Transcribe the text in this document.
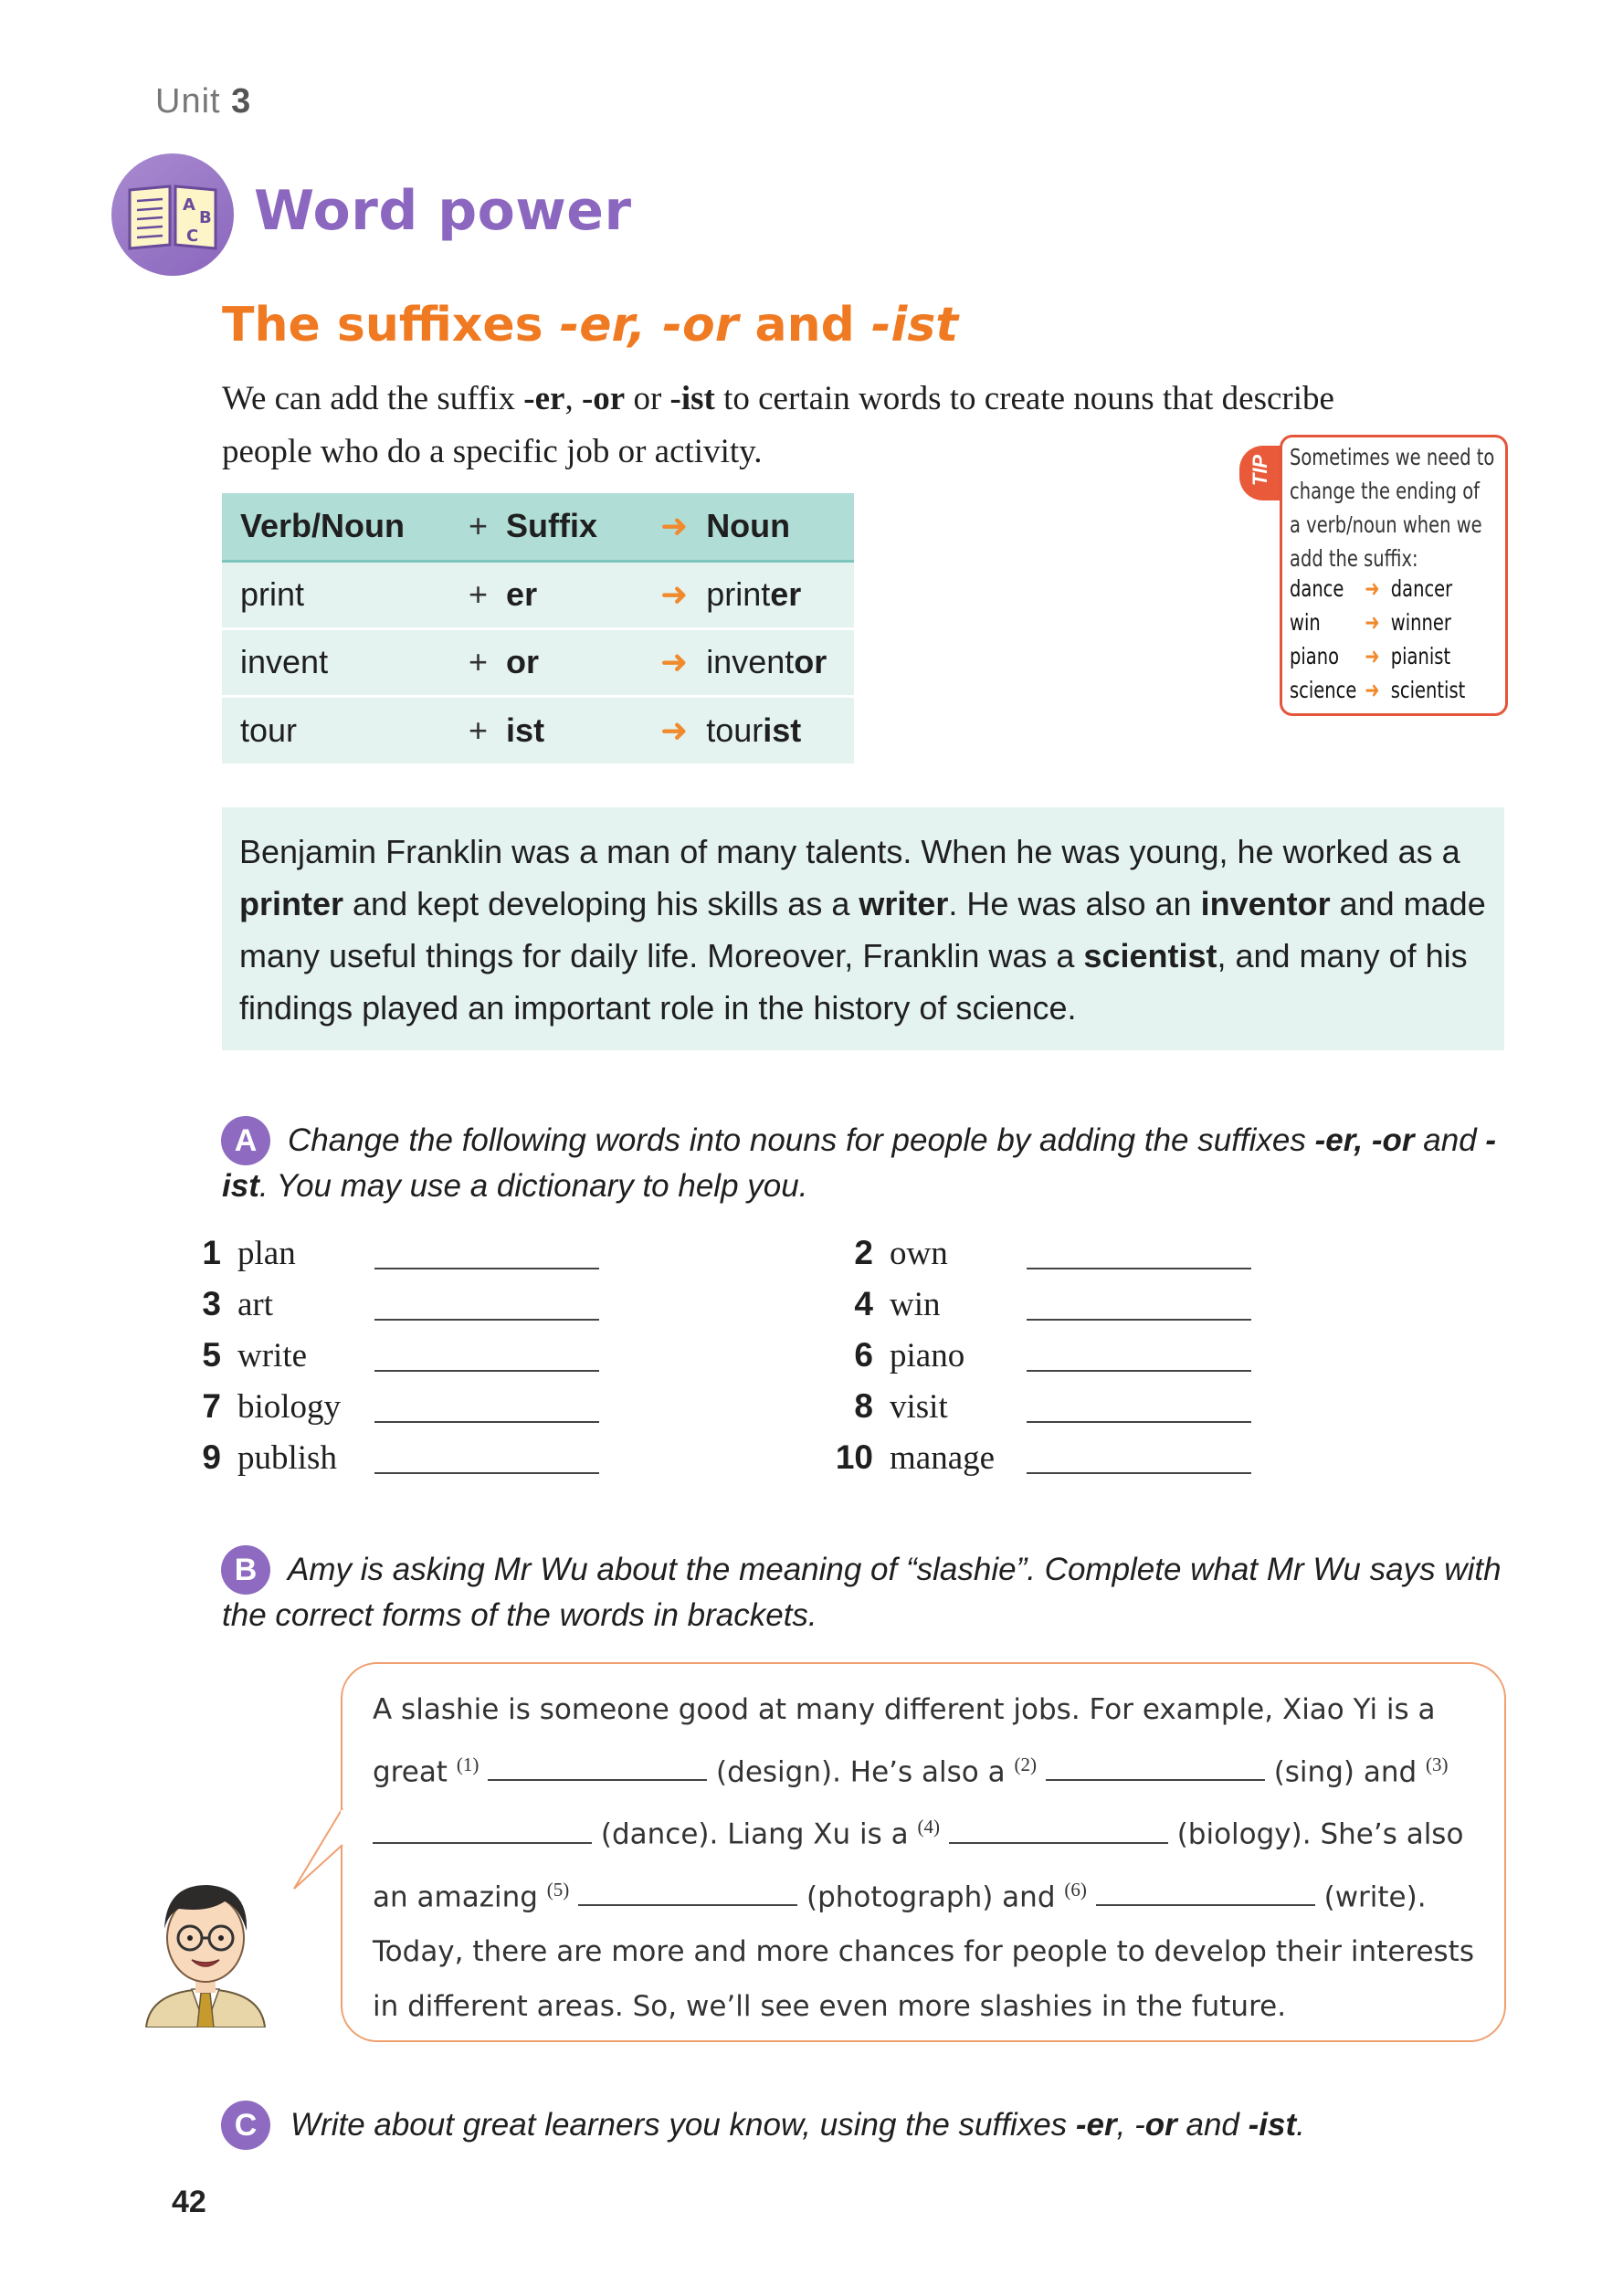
Unit 3
A
B
C Word power
The suffixes -er, -or and -ist
We can add the suffix -er, -or or -ist to certain words to create nouns that describe people who do a specific job or activity.
Verb/Noun	+ Suffix	➜ Noun
print	+ er	➜ printer
invent	+ or	➜ inventor
tour	+ ist	➜ tourist
TIP Sometimes we need to
change the ending of
a verb/noun when we
add the suffix:
dance ➜ dancer
win ➜ winner
piano ➜ pianist
science ➜ scientist
Benjamin Franklin was a man of many talents. When he was young, he worked as a printer and kept developing his skills as a writer. He was also an inventor and made many useful things for daily life. Moreover, Franklin was a scientist, and many of his findings played an important role in the history of science.
A Change the following words into nouns for people by adding the suffixes -er, -or and -ist. You may use a dictionary to help you.
1 plan
3 art
5 write
7 biology
9 publish
2 own
4 win
6 piano
8 visit
10 manage
B Amy is asking Mr Wu about the meaning of “slashie”. Complete what Mr Wu says with the correct forms of the words in brackets.
A slashie is someone good at many different jobs. For example, Xiao Yi is a great $^{(1)}$	(design). He’s also a $^{(2)}$	(sing) and $^{(3)}$  (dance). Liang Xu is a $^{(4)}$	(biology). She’s also an amazing $^{(5)}$	(photograph) and $^{(6)}$	(write). Today, there are more and more chances for people to develop their interests in different areas. So, we’ll see even more slashies in the future.
C	Write about great learners you know, using the suffixes -er, -or and -ist.
42
